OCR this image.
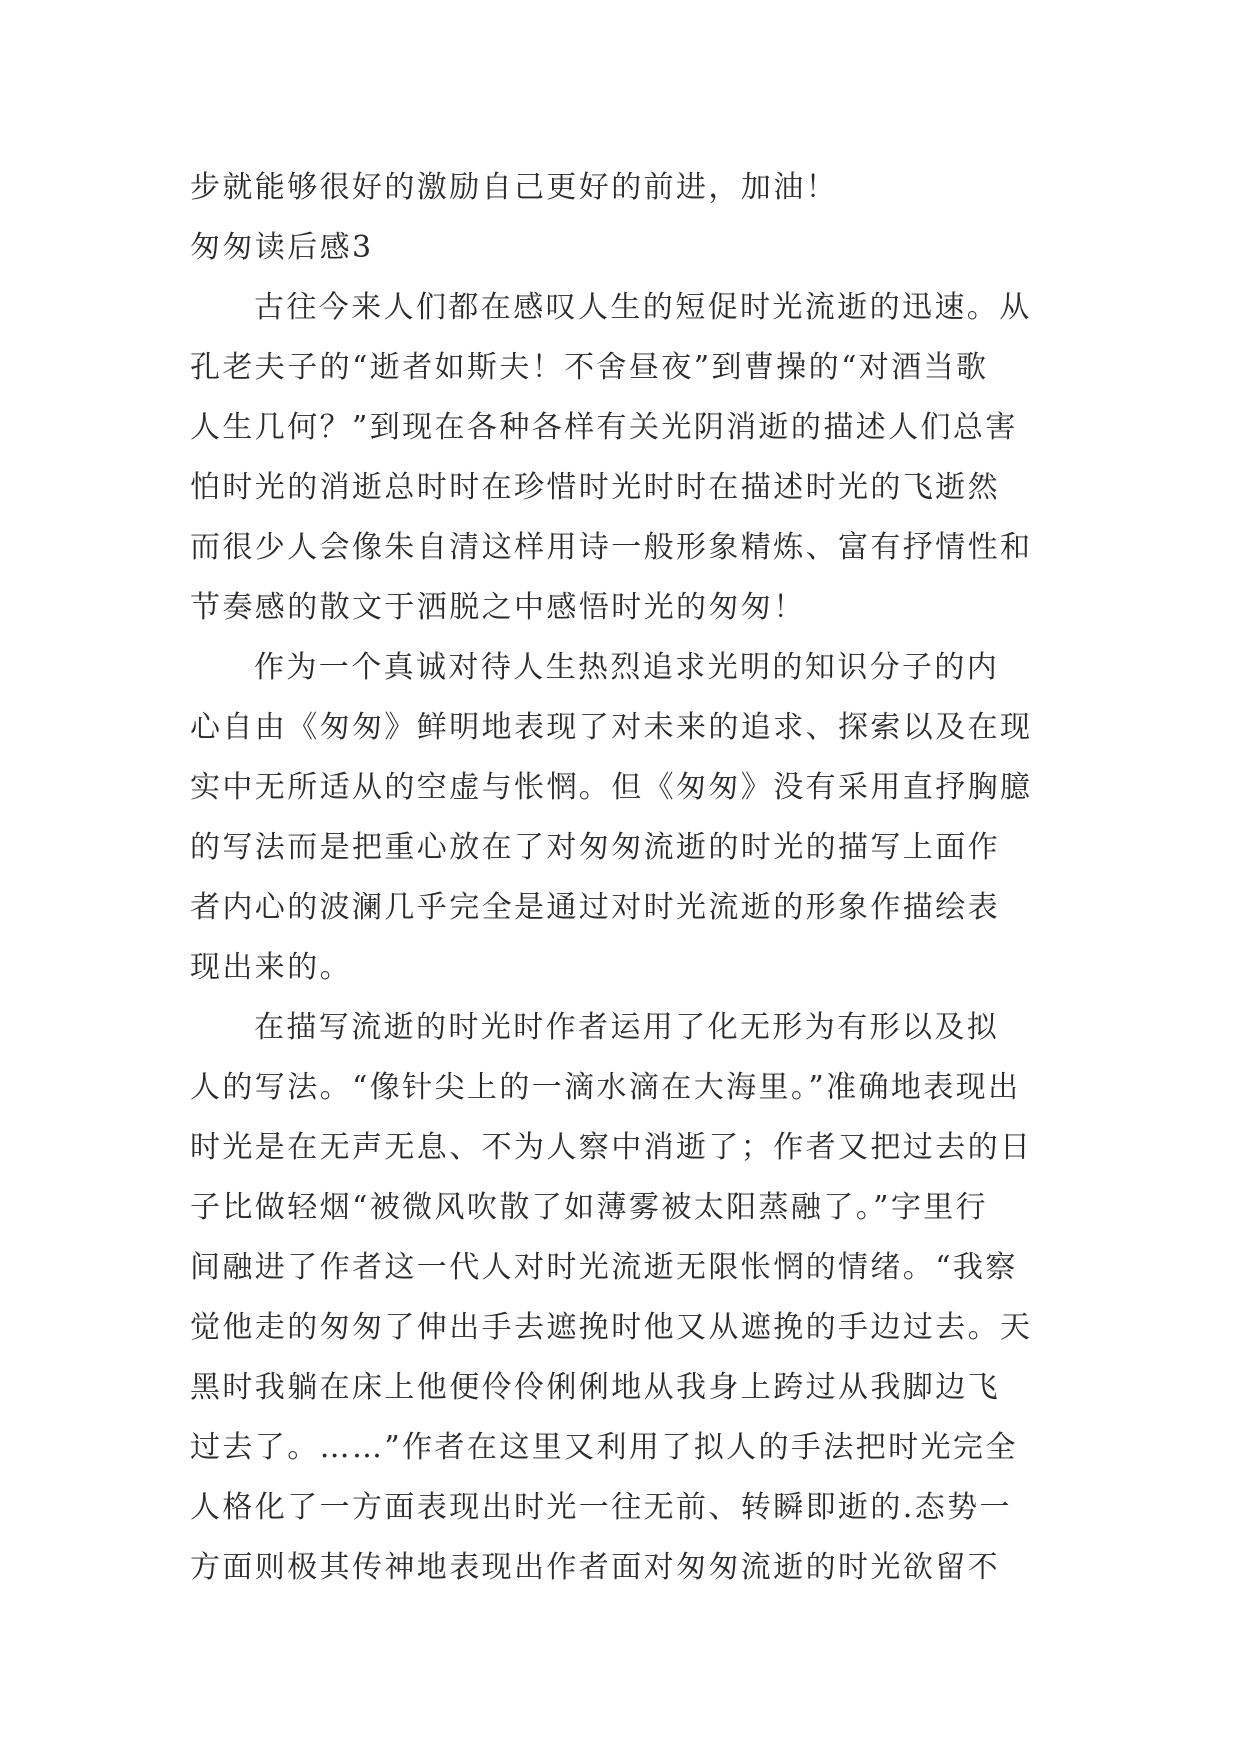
步就能够很好的激励自己更好的前进，加油！
匆匆读后感3
古往今来人们都在感叹人生的短促时光流逝的迅速。从
孔老夫子的“逝者如斯夫！不舍昼夜”到曹操的“对酒当歌
人生几何？”到现在各种各样有关光阴消逝的描述人们总害
怕时光的消逝总时时在珍惜时光时时在描述时光的飞逝然
而很少人会像朱自清这样用诗一般形象精炼、富有抒情性和
节奏感的散文于洒脱之中感悟时光的匆匆！
作为一个真诚对待人生热烈追求光明的知识分子的内
心自由《匆匆》鲜明地表现了对未来的追求、探索以及在现
实中无所适从的空虚与怅惘。但《匆匆》没有采用直抒胸臆
的写法而是把重心放在了对匆匆流逝的时光的描写上面作
者内心的波澜几乎完全是通过对时光流逝的形象作描绘表
现出来的。
在描写流逝的时光时作者运用了化无形为有形以及拟
人的写法。“像针尖上的一滴水滴在大海里。”准确地表现出
时光是在无声无息、不为人察中消逝了；作者又把过去的日
子比做轻烟“被微风吹散了如薄雾被太阳蒸融了。”字里行
间融进了作者这一代人对时光流逝无限怅惘的情绪。“我察
觉他走的匆匆了伸出手去遮挽时他又从遮挽的手边过去。天
黑时我躺在床上他便伶伶俐俐地从我身上跨过从我脚边飞
过去了。……”作者在这里又利用了拟人的手法把时光完全
人格化了一方面表现出时光一往无前、转瞬即逝的.态势一
方面则极其传神地表现出作者面对匆匆流逝的时光欲留不
